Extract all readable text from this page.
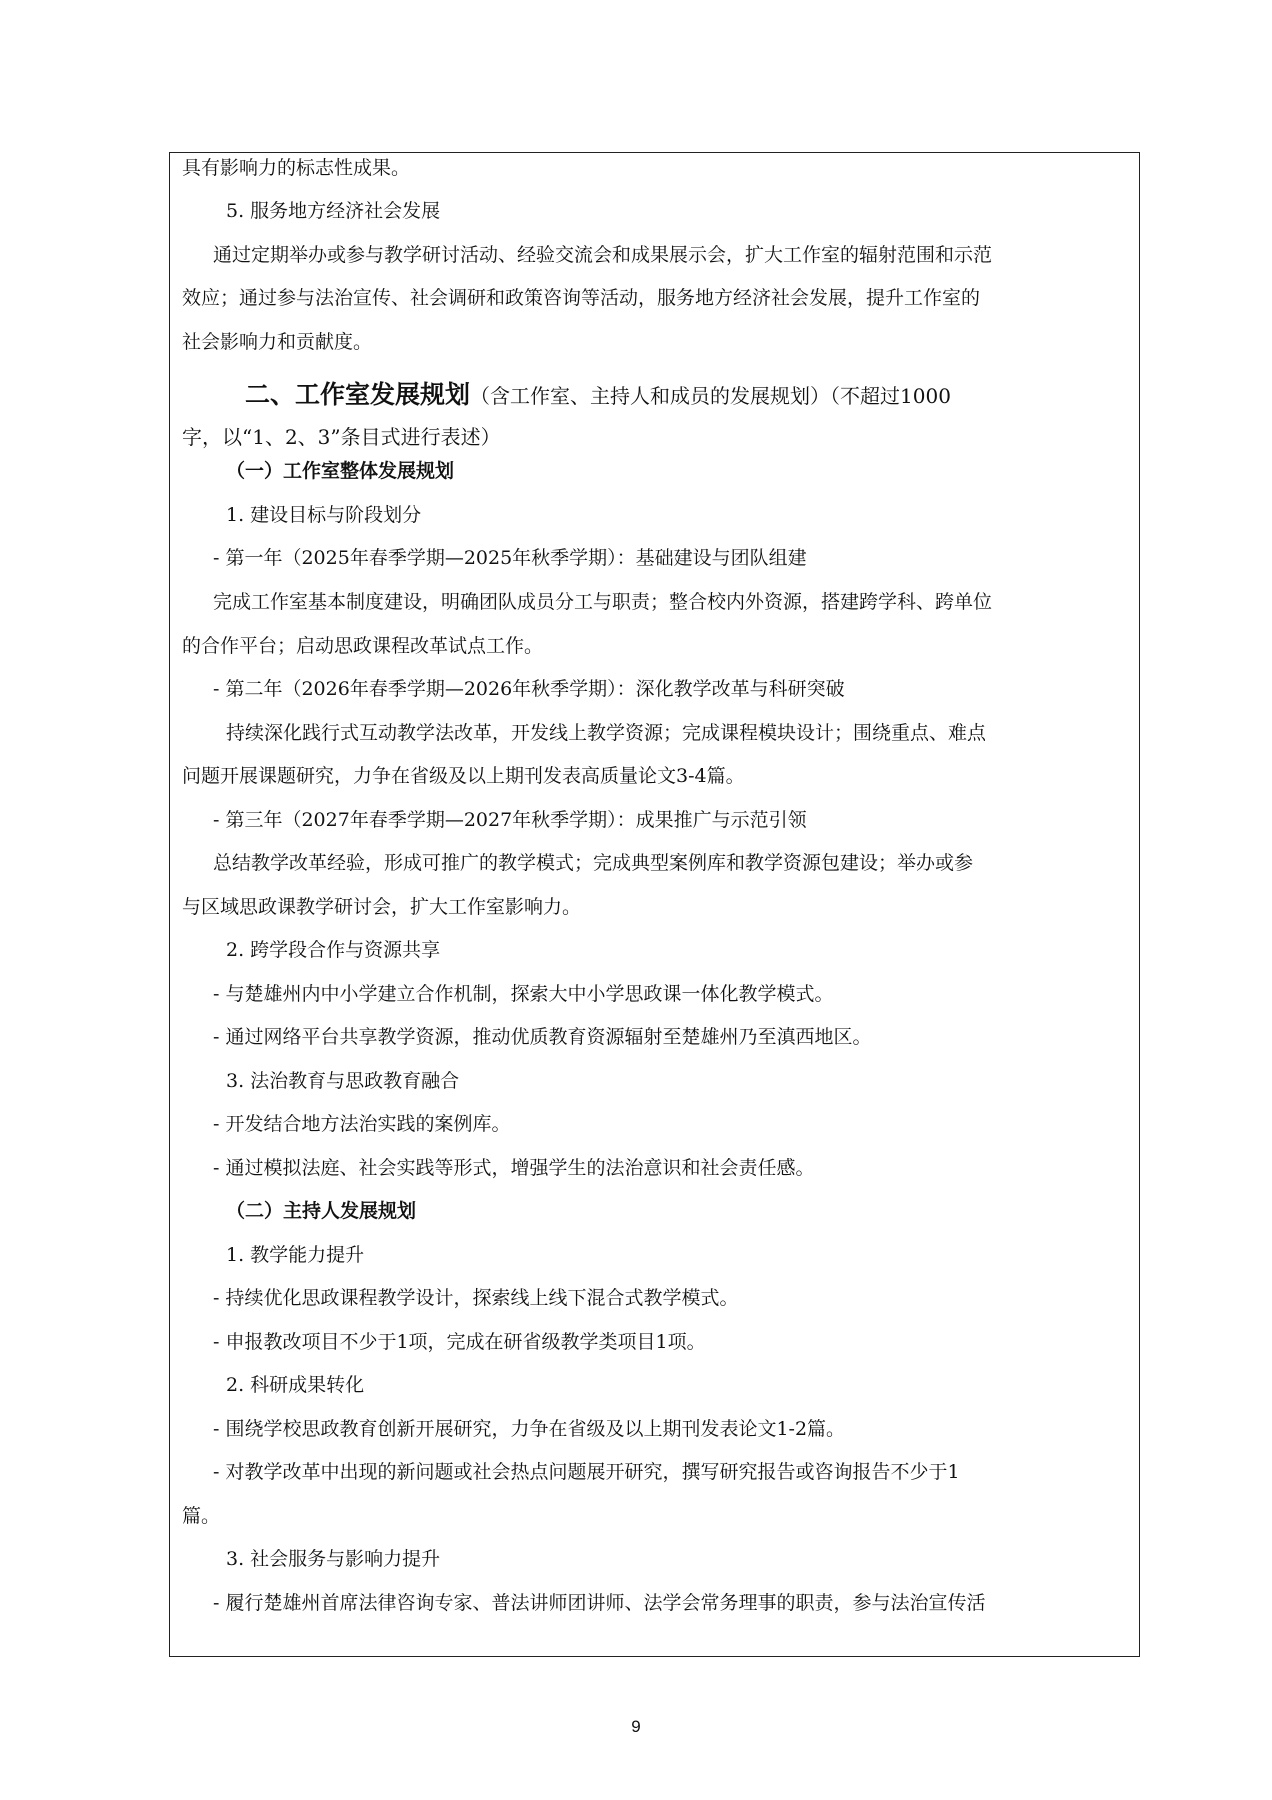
具有影响力的标志性成果。
5. 服务地方经济社会发展
通过定期举办或参与教学研讨活动、经验交流会和成果展示会，扩大工作室的辐射范围和示范
效应；通过参与法治宣传、社会调研和政策咨询等活动，服务地方经济社会发展，提升工作室的
社会影响力和贡献度。
二、工作室发展规划（含工作室、主持人和成员的发展规划）（不超过1000
字，以“1、2、3”条目式进行表述）
（一）工作室整体发展规划
1. 建设目标与阶段划分
- 第一年（2025年春季学期—2025年秋季学期）：基础建设与团队组建
完成工作室基本制度建设，明确团队成员分工与职责；整合校内外资源，搭建跨学科、跨单位
的合作平台；启动思政课程改革试点工作。
- 第二年（2026年春季学期—2026年秋季学期）：深化教学改革与科研突破
持续深化践行式互动教学法改革，开发线上教学资源；完成课程模块设计；围绕重点、难点
问题开展课题研究，力争在省级及以上期刊发表高质量论文3-4篇。
- 第三年（2027年春季学期—2027年秋季学期）：成果推广与示范引领
总结教学改革经验，形成可推广的教学模式；完成典型案例库和教学资源包建设；举办或参
与区域思政课教学研讨会，扩大工作室影响力。
2. 跨学段合作与资源共享
- 与楚雄州内中小学建立合作机制，探索大中小学思政课一体化教学模式。
- 通过网络平台共享教学资源，推动优质教育资源辐射至楚雄州乃至滇西地区。
3. 法治教育与思政教育融合
- 开发结合地方法治实践的案例库。
- 通过模拟法庭、社会实践等形式，增强学生的法治意识和社会责任感。
（二）主持人发展规划
1. 教学能力提升
- 持续优化思政课程教学设计，探索线上线下混合式教学模式。
- 申报教改项目不少于1项，完成在研省级教学类项目1项。
2. 科研成果转化
- 围绕学校思政教育创新开展研究，力争在省级及以上期刊发表论文1-2篇。
- 对教学改革中出现的新问题或社会热点问题展开研究，撰写研究报告或咨询报告不少于1
篇。
3. 社会服务与影响力提升
- 履行楚雄州首席法律咨询专家、普法讲师团讲师、法学会常务理事的职责，参与法治宣传活
9
